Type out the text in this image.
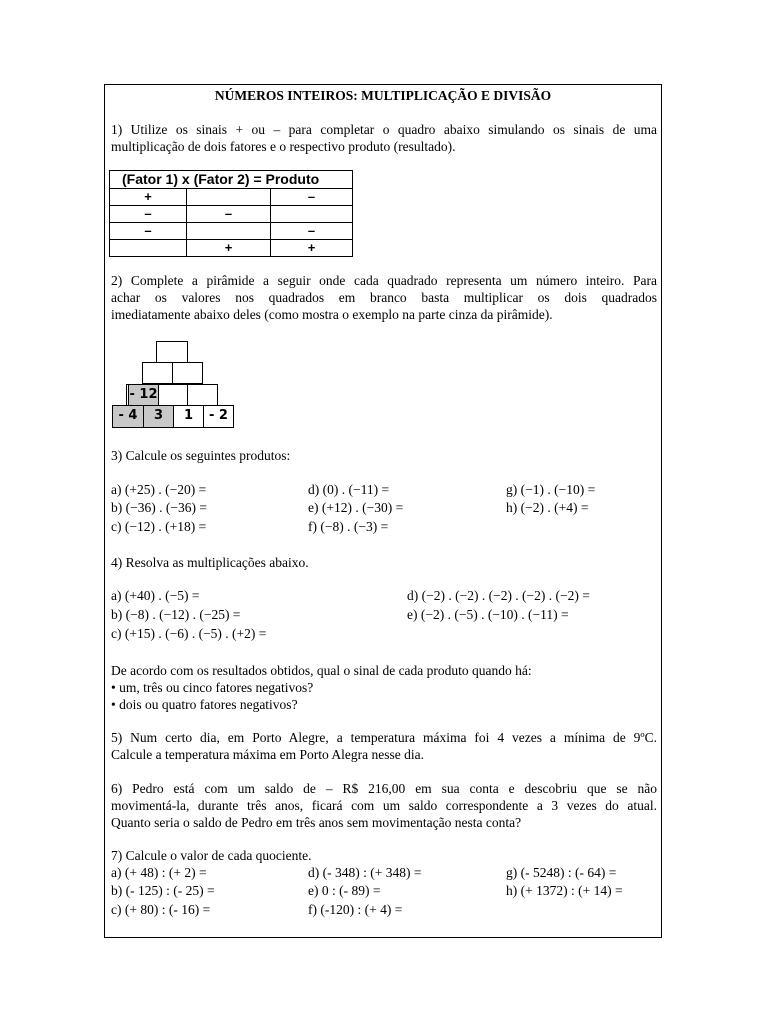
NÚMEROS INTEIROS: MULTIPLICAÇÃO E DIVISÃO
1) Utilize os sinais + ou – para completar o quadro abaixo simulando os sinais de uma
multiplicação de dois fatores e o respectivo produto (resultado).
(Fator 1) x (Fator 2) = Produto		
+		–
–	–	
–		–
	+	+
2) Complete a pirâmide a seguir onde cada quadrado representa um número inteiro. Para
achar os valores nos quadrados em branco basta multiplicar os dois quadrados
imediatamente abaixo deles (como mostra o exemplo na parte cinza da pirâmide).
- 12
- 4	3	1	- 2
3) Calcule os seguintes produtos:
a) (+25) . (−20) =	d) (0) . (−11) =	g) (−1) . (−10) =
b) (−36) . (−36) =	e) (+12) . (−30) =	h) (−2) . (+4) =
c) (−12) . (+18) =	f) (−8) . (−3) =
4) Resolva as multiplicações abaixo.
a) (+40) . (−5) =	d) (−2) . (−2) . (−2) . (−2) . (−2) =
b) (−8) . (−12) . (−25) =	e) (−2) . (−5) . (−10) . (−11) =
c) (+15) . (−6) . (−5) . (+2) =
De acordo com os resultados obtidos, qual o sinal de cada produto quando há:
• um, três ou cinco fatores negativos?
• dois ou quatro fatores negativos?
5) Num certo dia, em Porto Alegre, a temperatura máxima foi 4 vezes a mínima de 9ºC.
Calcule a temperatura máxima em Porto Alegra nesse dia.
6) Pedro está com um saldo de – R$ 216,00 em sua conta e descobriu que se não
movimentá-la, durante três anos, ficará com um saldo correspondente a 3 vezes do atual.
Quanto seria o saldo de Pedro em três anos sem movimentação nesta conta?
7) Calcule o valor de cada quociente.
a) (+ 48) : (+ 2) =	d) (- 348) : (+ 348) =	g) (- 5248) : (- 64) =
b) (- 125) : (- 25) =	e) 0 : (- 89) =	h) (+ 1372) : (+ 14) =
c) (+ 80) : (- 16) =	f) (-120) : (+ 4) =
